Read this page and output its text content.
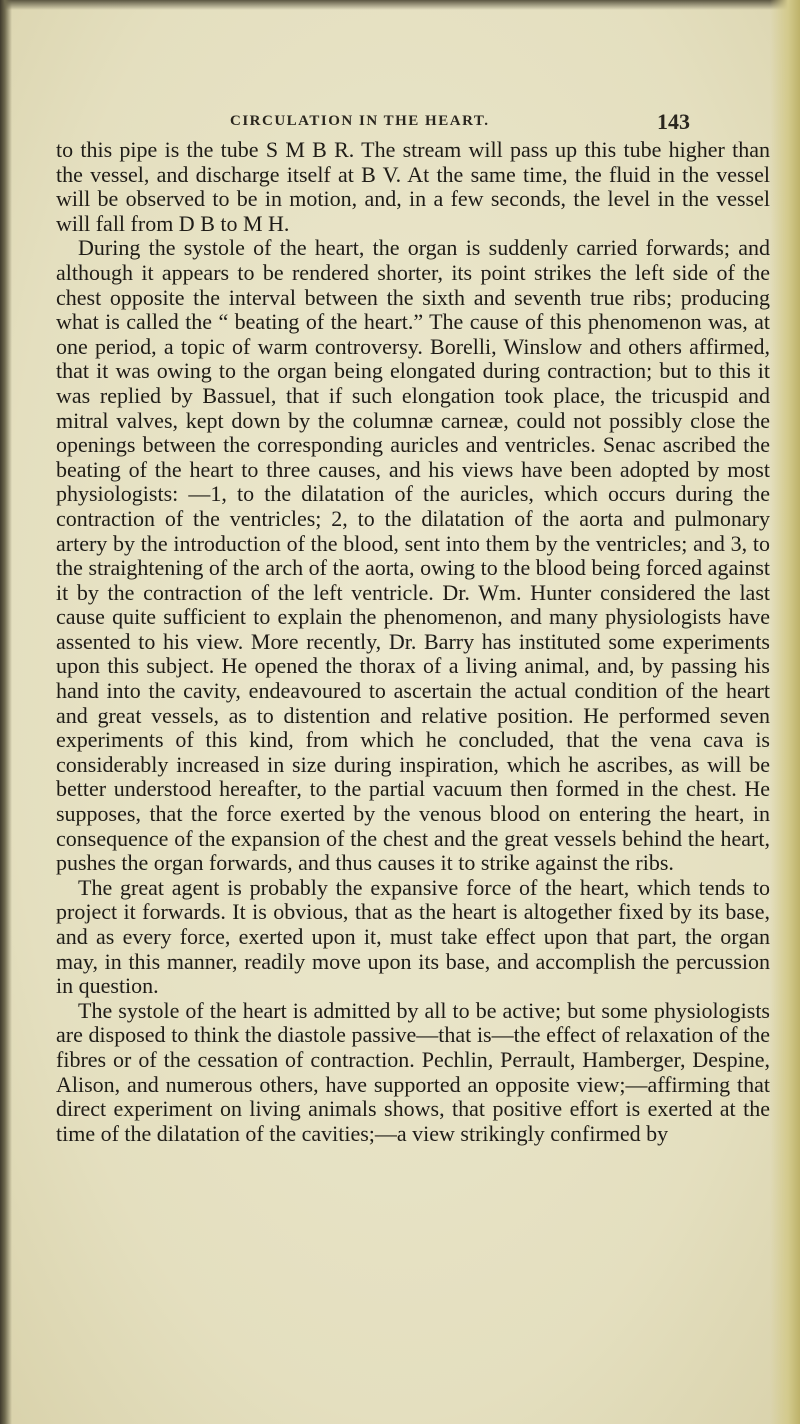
CIRCULATION IN THE HEART.	143

to this pipe is the tube S M B R. The stream will pass up this tube higher than the vessel, and discharge itself at B V. At the same time, the fluid in the vessel will be observed to be in motion, and, in a few seconds, the level in the vessel will fall from D B to M H.

During the systole of the heart, the organ is suddenly carried forwards; and although it appears to be rendered shorter, its point strikes the left side of the chest opposite the interval between the sixth and seventh true ribs; producing what is called the “ beating of the heart.” The cause of this phenomenon was, at one period, a topic of warm controversy. Borelli, Winslow and others affirmed, that it was owing to the organ being elongated during contraction; but to this it was replied by Bassuel, that if such elongation took place, the tricuspid and mitral valves, kept down by the columnæ carneæ, could not possibly close the openings between the corresponding auricles and ventricles. Senac ascribed the beating of the heart to three causes, and his views have been adopted by most physiologists: —1, to the dilatation of the auricles, which occurs during the contraction of the ventricles; 2, to the dilatation of the aorta and pulmonary artery by the introduction of the blood, sent into them by the ventricles; and 3, to the straightening of the arch of the aorta, owing to the blood being forced against it by the contraction of the left ventricle. Dr. Wm. Hunter considered the last cause quite sufficient to explain the phenomenon, and many physiologists have assented to his view. More recently, Dr. Barry has instituted some experiments upon this subject. He opened the thorax of a living animal, and, by passing his hand into the cavity, endeavoured to ascertain the actual condition of the heart and great vessels, as to distention and relative position. He performed seven experiments of this kind, from which he concluded, that the vena cava is considerably increased in size during inspiration, which he ascribes, as will be better understood hereafter, to the partial vacuum then formed in the chest. He supposes, that the force exerted by the venous blood on entering the heart, in consequence of the expansion of the chest and the great vessels behind the heart, pushes the organ forwards, and thus causes it to strike against the ribs.

The great agent is probably the expansive force of the heart, which tends to project it forwards. It is obvious, that as the heart is altogether fixed by its base, and as every force, exerted upon it, must take effect upon that part, the organ may, in this manner, readily move upon its base, and accomplish the percussion in question.

The systole of the heart is admitted by all to be active; but some physiologists are disposed to think the diastole passive—that is—the effect of relaxation of the fibres or of the cessation of contraction. Pechlin, Perrault, Hamberger, Despine, Alison, and numerous others, have supported an opposite view;—affirming that direct experiment on living animals shows, that positive effort is exerted at the time of the dilatation of the cavities;—a view strikingly confirmed by
